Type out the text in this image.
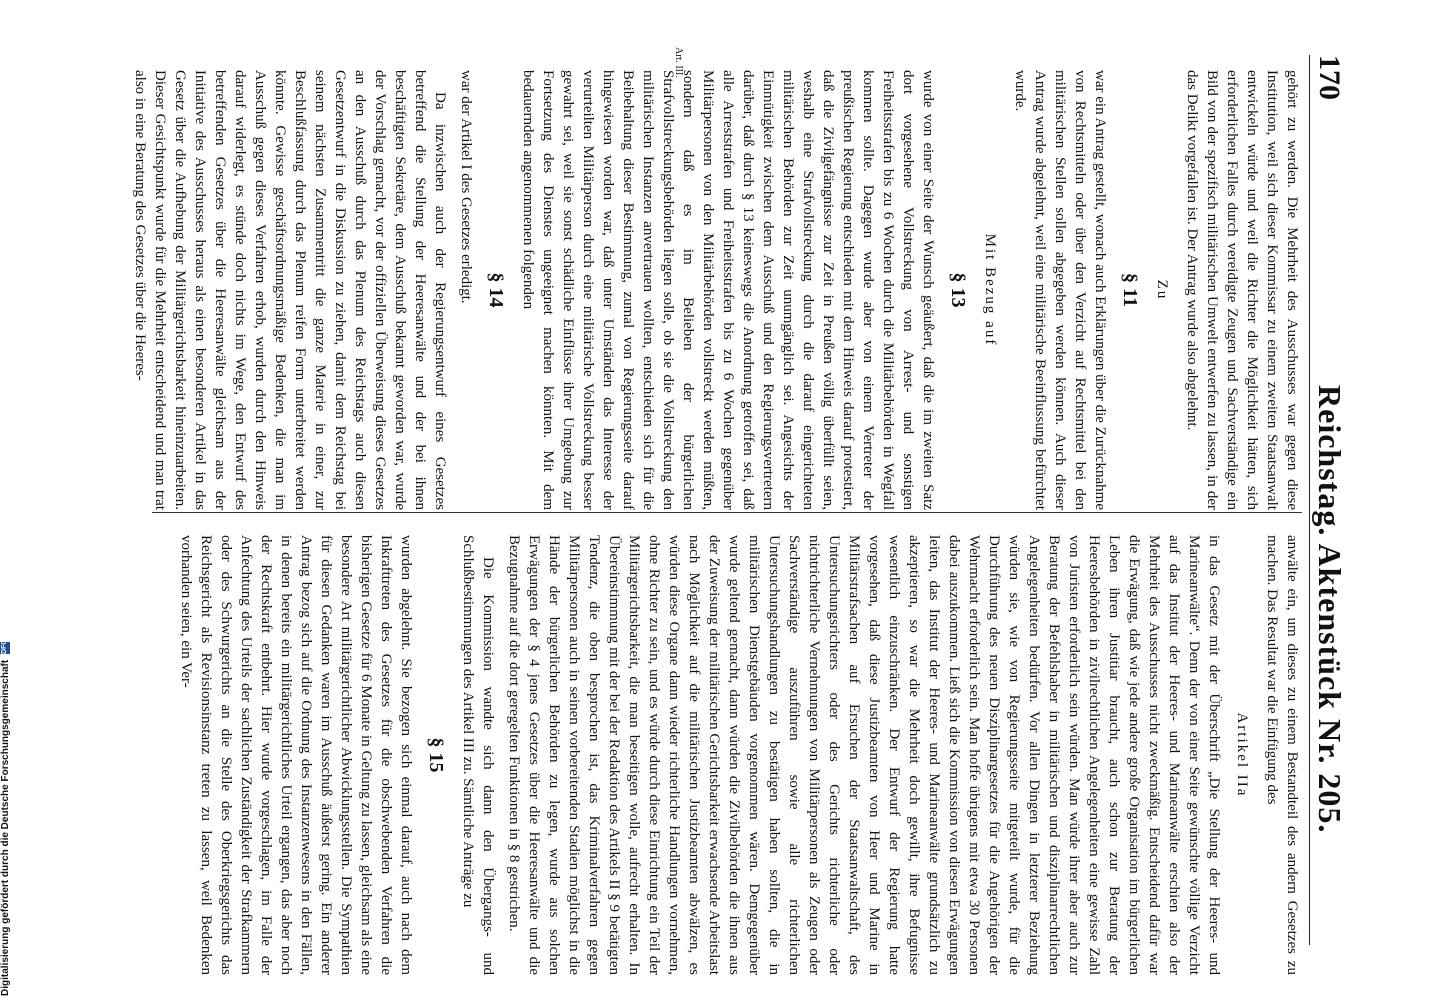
Digitalisierung gefördert durch die Deutsche Forschungsgemeinschaft DFG
170
Reichstag. Aktenstück Nr. 205.
Art. III.

gehört zu werden. Die Mehrheit des Ausschusses war gegen diese Institution, weil sich dieser Kommissar zu einem zweiten Staatsanwalt entwickeln würde und weil die Richter die Möglichkeit hätten, sich erforderlichen Falles durch vereidigte Zeugen und Sachverständige ein Bild von der spezifisch militärischen Umwelt entwerfen zu lassen, in der das Delikt vorgefallen ist. Der Antrag wurde also abgelehnt.

Zu

§ 11

war ein Antrag gestellt, wonach auch Erklärungen über die Zurücknahme von Rechtsmitteln oder über den Verzicht auf Rechtsmittel bei den militärischen Stellen sollen abgegeben werden können. Auch dieser Antrag wurde abgelehnt, weil eine militärische Beeinflussung befürchtet wurde.

Mit Bezug auf

§ 13

wurde von einer Seite der Wunsch geäußert, daß die im zweiten Satz dort vorgesehene Vollstreckung von Arrest- und sonstigen Freiheitsstrafen bis zu 6 Wochen durch die Militärbehörden in Wegfall kommen sollte. Dagegen wurde aber von einem Vertreter der preußischen Regierung entschieden mit dem Hinweis darauf protestiert, daß die Zivilgefängnisse zur Zeit in Preußen völlig überfüllt seien, weshalb eine Strafvollstreckung durch die darauf eingerichteten militärischen Behörden zur Zeit unumgänglich sei. Angesichts der Einmütigkeit zwischen dem Ausschuß und den Regierungsvertretern darüber, daß durch § 13 keineswegs die Anordnung getroffen sei, daß alle Arreststrafen und Freiheitsstrafen bis zu 6 Wochen gegenüber Militärpersonen von den Militärbehörden vollstreckt werden müßten, sondern daß es im Belieben der bürgerlichen Strafvollstreckungsbehörden liegen solle, ob sie die Vollstreckung den militärischen Instanzen anvertrauen wollten, entschieden sich für die Beibehaltung dieser Bestimmung, zumal von Regierungsseite darauf hingewiesen worden war, daß unter Umständen das Interesse der verurteilten Militärperson durch eine militärische Vollstreckung besser gewahrt sei, weil sie sonst schädliche Einflüsse ihrer Umgebung zur Fortsetzung des Dienstes ungeeignet machen könnten. Mit dem bedauernden angenommenen folgenden

§ 14

war der Artikel I des Gesetzes erledigt.

Da inzwischen auch der Regierungsentwurf eines Gesetzes betreffend die Stellung der Heeresanwälte und der bei ihnen beschäftigten Sekretäre, dem Ausschuß bekannt geworden war, wurde der Vorschlag gemacht, vor der offiziellen Überweisung dieses Gesetzes an den Ausschuß durch das Plenum des Reichstags auch diesen Gesetzentwurf in die Diskussion zu ziehen, damit dem Reichstag bei seinem nächsten Zusammentritt die ganze Materie in einer, zur Beschlußfassung durch das Plenum reifen Form unterbreitet werden könnte. Gewisse geschäftsordnungsmäßige Bedenken, die man im Ausschuß gegen dieses Verfahren erhob, wurden durch den Hinweis darauf widerlegt, es stünde doch nichts im Wege, den Entwurf des betreffenden Gesetzes über die Heeresanwälte gleichsam aus der Initiative des Ausschusses heraus als einen besonderen Artikel in das Gesetz über die Aufhebung der Militärgerichtsbarkeit hineinzuarbeiten. Dieser Gesichtspunkt wurde für die Mehrheit entscheidend und man trat also in eine Beratung des Gesetzes über die Heeres-

anwälte ein, um dieses zu einem Bestandteil des andern Gesetzes zu machen. Das Resultat war die Einfügung des

Artikel IIa

in das Gesetz mit der Überschrift „Die Stellung der Heeres- und Marineanwälte“. Denn der von einer Seite gewünschte völlige Verzicht auf das Institut der Heeres- und Marineanwälte erschien also der Mehrheit des Ausschusses nicht zweckmäßig. Entscheidend dafür war die Erwägung, daß wie jede andere große Organisation im bürgerlichen Leben ihren Justitiar braucht, auch schon zur Beratung der Heeresbehörden in zivilrechtlichen Angelegenheiten eine gewisse Zahl von Juristen erforderlich sein würden. Man würde ihrer aber auch zur Beratung der Befehlshaber in militärischen und disziplinarrechtlichen Angelegenheiten bedürfen. Vor allen Dingen in letzterer Beziehung würden sie, wie von Regierungsseite mitgeteilt wurde, für die Durchführung des neuen Disziplinargesetzes für die Angehörigen der Wehrmacht erforderlich sein. Man hoffe übrigens mit etwa 30 Personen dabei auszukommen. Ließ sich die Kommission von diesen Erwägungen leiten, das Institut der Heeres- und Marineanwälte grundsätzlich zu akzeptieren, so war die Mehrheit doch gewillt, ihre Befugnisse wesentlich einzuschränken. Der Entwurf der Regierung hatte vorgesehen, daß diese Justizbeamten von Heer und Marine in Militärstrafsachen auf Ersuchen der Staatsanwaltschaft, des Untersuchungsrichters oder des Gerichts richterliche oder nichtrichterliche Vernehmungen von Militärpersonen als Zeugen oder Sachverständige auszuführen sowie alle richterlichen Untersuchungshandlungen zu bestätigen haben sollten, die in militärischen Dienstgebäuden vorgenommen wären. Demgegenüber wurde geltend gemacht, dann würden die Zivilbehörden die ihnen aus der Zuweisung der militärischen Gerichtsbarkeit erwachsende Arbeitslast nach Möglichkeit auf die militärischen Justizbeamten abwälzen, es würden diese Organe dann wieder richterliche Handlungen vornehmen, ohne Richter zu sein, und es würde durch diese Einrichtung ein Teil der Militärgerichtsbarkeit, die man beseitigen wolle, aufrecht erhalten. In Übereinstimmung mit der bei der Redaktion des Artikels II § 9 betätigten Tendenz, die oben besprochen ist, das Kriminalverfahren gegen Militärpersonen auch in seinen vorbereitenden Stadien möglichst in die Hände der bürgerlichen Behörden zu legen, wurde aus solchen Erwägungen der § 4 jenes Gesetzes über die Heeresanwälte und die Bezugnahme auf die dort geregelten Funktionen in § 8 gestrichen.

Die Kommission wandte sich dann den Übergangs- und Schlußbestimmungen des Artikel III zu. Sämtliche Anträge zu

§ 15

wurden abgelehnt. Sie bezogen sich einmal darauf, auch nach dem Inkrafttreten des Gesetzes für die obschwebenden Verfahren die bisherigen Gesetze für 6 Monate in Geltung zu lassen, gleichsam als eine besondere Art militärgerichtlicher Abwicklungsstellen. Die Sympathien für diesen Gedanken waren im Ausschuß äußerst gering. Ein anderer Antrag bezog sich auf die Ordnung des Instanzenwesens in den Fällen, in denen bereits ein militärgerichtliches Urteil ergangen, das aber noch der Rechtskraft entbehrt. Hier wurde vorgeschlagen, im Falle der Anfechtung des Urteils der sachlichen Zuständigkeit der Strafkammern oder des Schwurgerichts an die Stelle des Oberkriegsgerichts das Reichsgericht als Revisionsinstanz treten zu lassen, weil Bedenken vorhanden seien, ein Ver-
